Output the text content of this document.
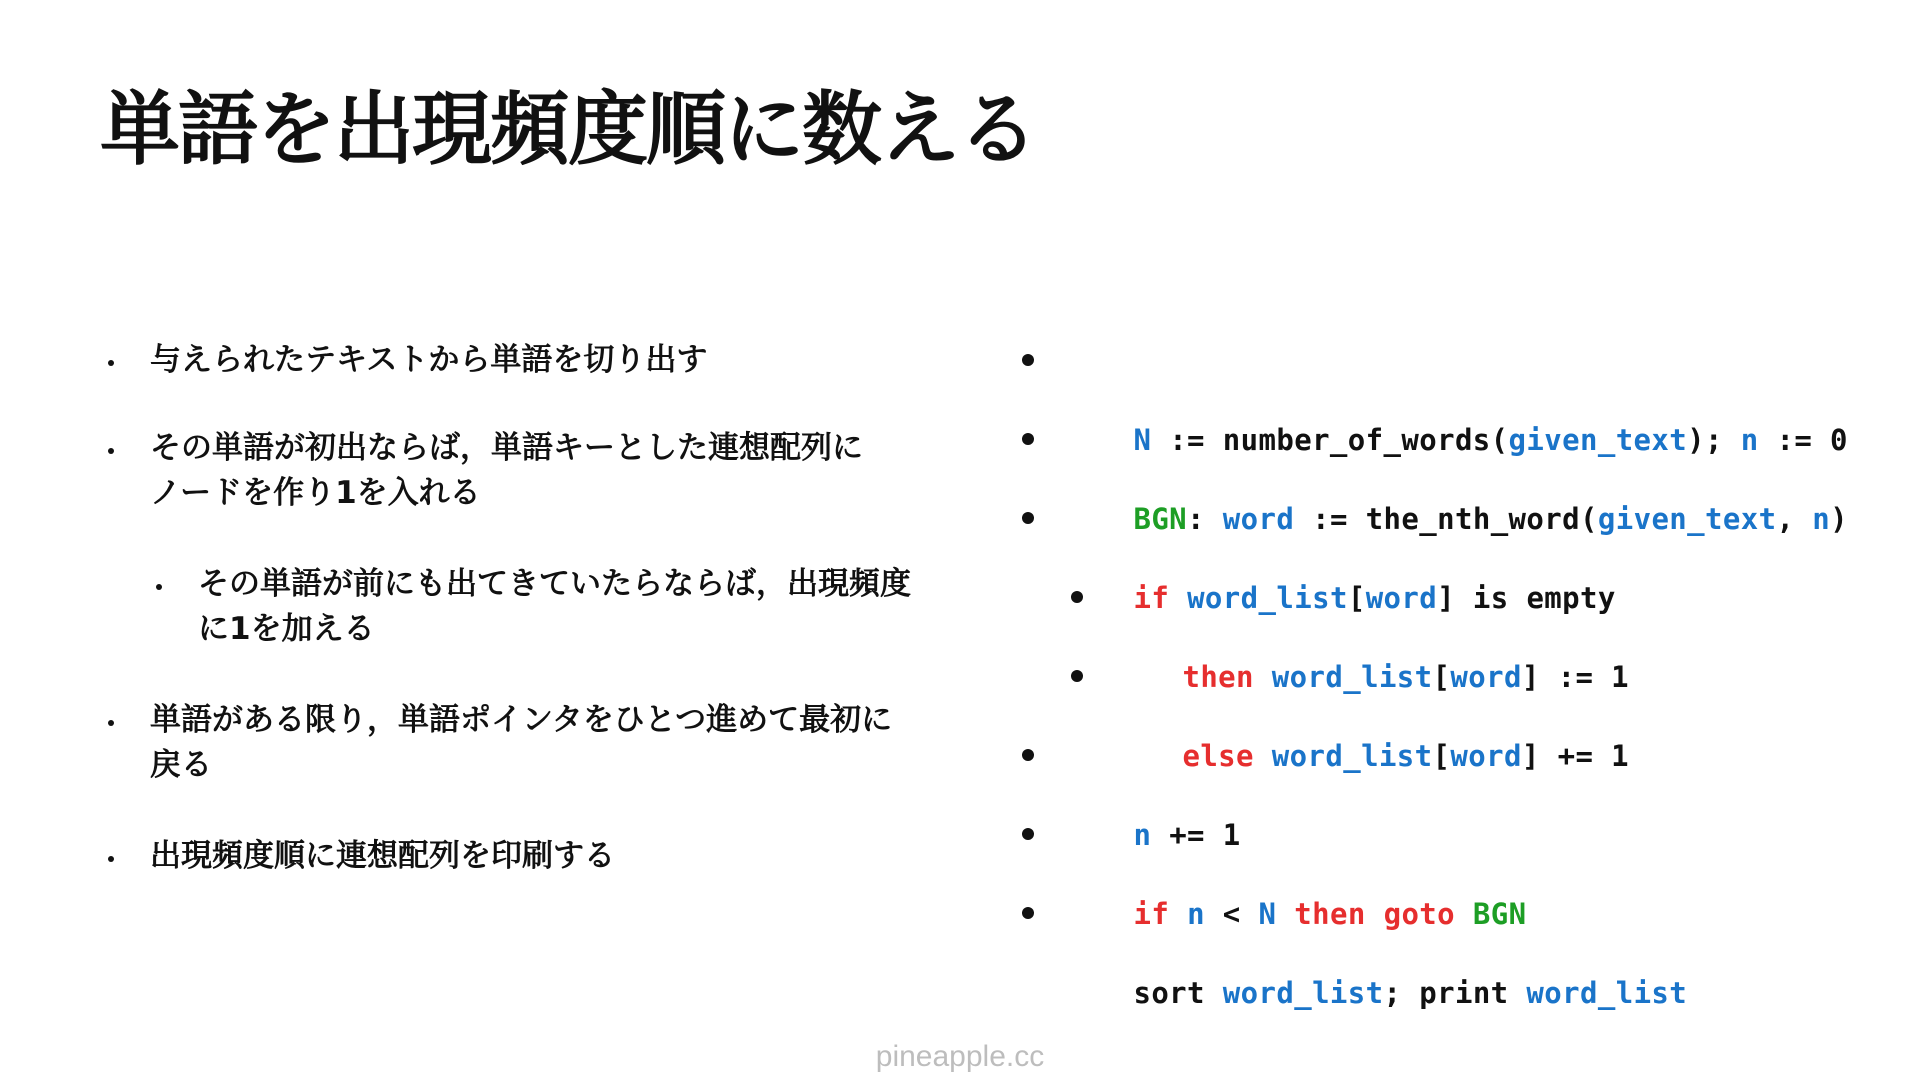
単語を出現頻度順に数える
与えられたテキストから単語を切り出す
その単語が初出ならば，単語キーとした連想配列に
ノードを作り1を入れる
その単語が前にも出てきていたらならば，出現頻度
に1を加える
単語がある限り，単語ポインタをひとつ進めて最初に
戻る
出現頻度順に連想配列を印刷する

N := number_of_words(given_text); n := 0

BGN: word := the_nth_word(given_text, n)

if word_list[word] is empty

then word_list[word] := 1

else word_list[word] += 1

n += 1

if n < N then goto BGN

sort word_list; print word_list

pineapple.cc
